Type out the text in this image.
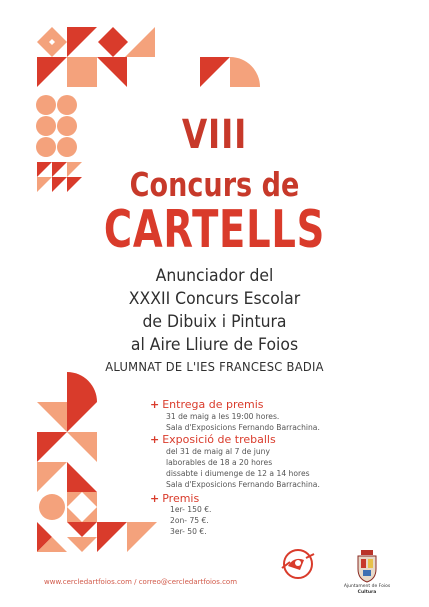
VIII
Concurs de
CARTELLS
Anunciador del
XXXII Concurs Escolar
de Dibuix i Pintura
al Aire Lliure de Foios
ALUMNAT DE L'IES FRANCESC BADIA
+ Entrega de premis

31 de maig a les 19:00 hores.

Sala d'Exposicions Fernando Barrachina.

+ Exposició de treballs

del 31 de maig al 7 de juny

laborables de 18 a 20 hores

dissabte i diumenge de 12 a 14 hores

Sala d'Exposicions Fernando Barrachina.

+ Premis

1er- 150 €.

2on- 75 €.

3er- 50 €.

www.cercledartfoios.com / correo@cercledartfoios.com
Ajuntament de Foios
Cultura
